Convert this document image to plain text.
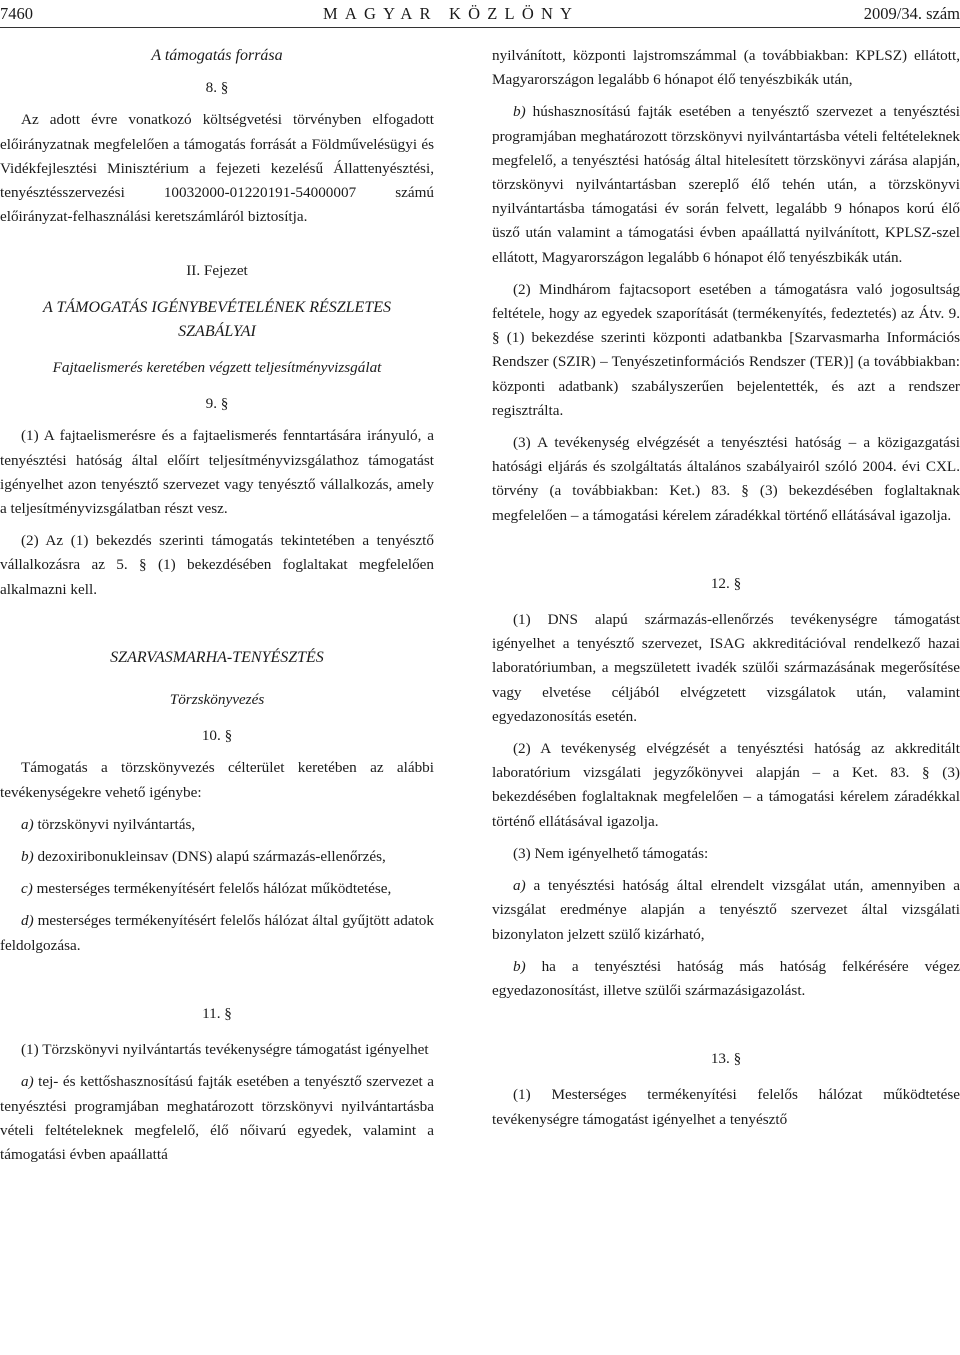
7460	MAGYAR KÖZLÖNY	2009/34. szám

A támogatás forrása

8. §

Az adott évre vonatkozó költségvetési törvényben elfogadott előirányzatnak megfelelően a támogatás forrását a Földművelésügyi és Vidékfejlesztési Minisztérium a fejezeti kezelésű Állattenyésztési, tenyésztésszervezési 10032000-01220191-54000007 számú előirányzat-felhasználási keretszámláról biztosítja.

II. Fejezet

A TÁMOGATÁS IGÉNYBEVÉTELÉNEK RÉSZLETES SZABÁLYAI

Fajtaelismerés keretében végzett teljesítményvizsgálat

9. §

(1) A fajtaelismerésre és a fajtaelismerés fenntartására irányuló, a tenyésztési hatóság által előírt teljesítményvizsgálathoz támogatást igényelhet azon tenyésztő szervezet vagy tenyésztő vállalkozás, amely a teljesítményvizsgálatban részt vesz.

(2) Az (1) bekezdés szerinti támogatás tekintetében a tenyésztő vállalkozásra az 5. § (1) bekezdésében foglaltakat megfelelően alkalmazni kell.

SZARVASMARHA-TENYÉSZTÉS

Törzskönyvezés

10. §

Támogatás a törzskönyvezés célterület keretében az alábbi tevékenységekre vehető igénybe:

a) törzskönyvi nyilvántartás,

b) dezoxiribonukleinsav (DNS) alapú származás-ellenőrzés,

c) mesterséges termékenyítésért felelős hálózat működtetése,

d) mesterséges termékenyítésért felelős hálózat által gyűjtött adatok feldolgozása.

11. §

(1) Törzskönyvi nyilvántartás tevékenységre támogatást igényelhet

a) tej- és kettőshasznosítású fajták esetében a tenyésztő szervezet a tenyésztési programjában meghatározott törzskönyvi nyilvántartásba vételi feltételeknek megfelelő, élő nőivarú egyedek, valamint a támogatási évben apaállattá

nyilvánított, központi lajstromszámmal (a továbbiakban: KPLSZ) ellátott, Magyarországon legalább 6 hónapot élő tenyészbikák után,

b) húshasznosítású fajták esetében a tenyésztő szervezet a tenyésztési programjában meghatározott törzskönyvi nyilvántartásba vételi feltételeknek megfelelő, a tenyésztési hatóság által hitelesített törzskönyvi zárása alapján, törzskönyvi nyilvántartásban szereplő élő tehén után, a törzskönyvi nyilvántartásba támogatási év során felvett, legalább 9 hónapos korú élő üsző után valamint a támogatási évben apaállattá nyilvánított, KPLSZ-szel ellátott, Magyarországon legalább 6 hónapot élő tenyészbikák után.

(2) Mindhárom fajtacsoport esetében a támogatásra való jogosultság feltétele, hogy az egyedek szaporítását (termékenyítés, fedeztetés) az Átv. 9. § (1) bekezdése szerinti központi adatbankba [Szarvasmarha Információs Rendszer (SZIR) – Tenyészetinformációs Rendszer (TER)] (a továbbiakban: központi adatbank) szabályszerűen bejelentették, és azt a rendszer regisztrálta.

(3) A tevékenység elvégzését a tenyésztési hatóság – a közigazgatási hatósági eljárás és szolgáltatás általános szabályairól szóló 2004. évi CXL. törvény (a továbbiakban: Ket.) 83. § (3) bekezdésében foglaltaknak megfelelően – a támogatási kérelem záradékkal történő ellátásával igazolja.

12. §

(1) DNS alapú származás-ellenőrzés tevékenységre támogatást igényelhet a tenyésztő szervezet, ISAG akkreditációval rendelkező hazai laboratóriumban, a megszületett ivadék szülői származásának megerősítése vagy elvetése céljából elvégzetett vizsgálatok után, valamint egyedazonosítás esetén.

(2) A tevékenység elvégzését a tenyésztési hatóság az akkreditált laboratórium vizsgálati jegyzőkönyvei alapján – a Ket. 83. § (3) bekezdésében foglaltaknak megfelelően – a támogatási kérelem záradékkal történő ellátásával igazolja.

(3) Nem igényelhető támogatás:

a) a tenyésztési hatóság által elrendelt vizsgálat után, amennyiben a vizsgálat eredménye alapján a tenyésztő szervezet által vizsgálati bizonylaton jelzett szülő kizárható,

b) ha a tenyésztési hatóság más hatóság felkérésére végez egyedazonosítást, illetve szülői származásigazolást.

13. §

(1) Mesterséges termékenyítési felelős hálózat működtetése tevékenységre támogatást igényelhet a tenyésztő
